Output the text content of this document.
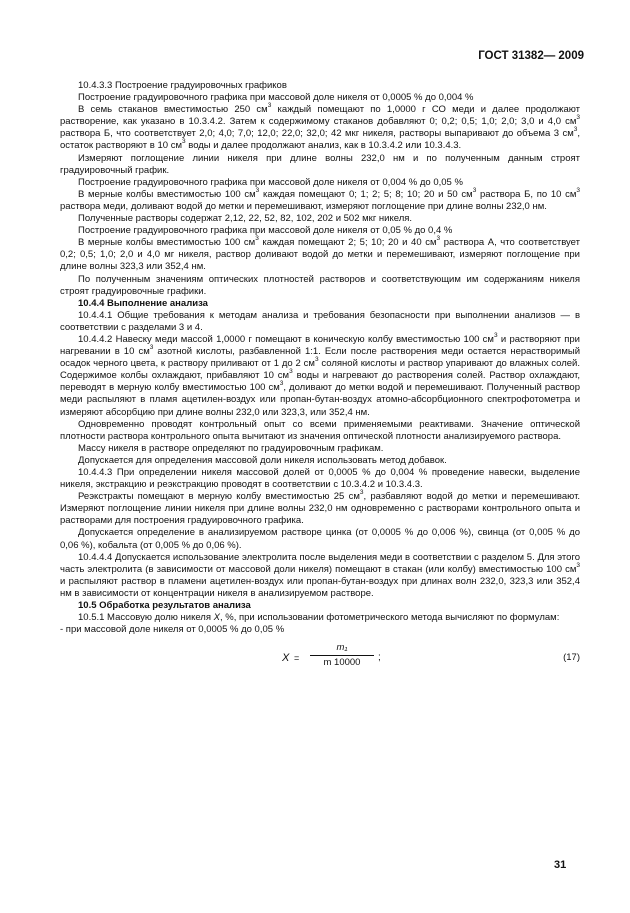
ГОСТ 31382— 2009

10.4.3.3 Построение градуировочных графиков

Построение градуировочного графика при массовой доле никеля от 0,0005 % до 0,004 %

В семь стаканов вместимостью 250 $см^3$ каждый помещают по 1,0000 г СО меди и далее продолжают растворение, как указано в 10.3.4.2. Затем к содержимому стаканов добавляют 0; 0,2; 0,5; 1,0; 2,0; 3,0 и 4,0 $см^3$ раствора Б, что соответствует 2,0; 4,0; 7,0; 12,0; 22,0; 32,0; 42 мкг никеля, растворы выпаривают до объема 3 $см^3$, остаток растворяют в 10 $см^3$ воды и далее продолжают анализ, как в 10.3.4.2 или 10.3.4.3.

Измеряют поглощение линии никеля при длине волны 232,0 нм и по полученным данным строят градуировочный график.

Построение градуировочного графика при массовой доле никеля от 0,004 % до 0,05 %

В мерные колбы вместимостью 100 $см^3$ каждая помещают 0; 1; 2; 5; 8; 10; 20 и 50 $см^3$ раствора Б, по 10 $см^3$ раствора меди, доливают водой до метки и перемешивают, измеряют поглощение при длине волны 232,0 нм.

Полученные растворы содержат 2,12, 22, 52, 82, 102, 202 и 502 мкг никеля.

Построение градуировочного графика при массовой доле никеля от 0,05 % до 0,4 %

В мерные колбы вместимостью 100 $см^3$ каждая помещают 2; 5; 10; 20 и 40 $см^3$ раствора А, что соответствует 0,2; 0,5; 1,0; 2,0 и 4,0 мг никеля, раствор доливают водой до метки и перемешивают, измеряют поглощение при длине волны 323,3 или 352,4 нм.

По полученным значениям оптических плотностей растворов и соответствующим им содержаниям никеля строят градуировочные графики.

10.4.4 Выполнение анализа

10.4.4.1 Общие требования к методам анализа и требования безопасности при выполнении анализов — в соответствии с разделами 3 и 4.

10.4.4.2 Навеску меди массой 1,0000 г помещают в коническую колбу вместимостью 100 $см^3$ и растворяют при нагревании в 10 $см^3$ азотной кислоты, разбавленной 1:1. Если после растворения меди остается нерастворимый осадок черного цвета, к раствору приливают от 1 до 2 $см^3$ соляной кислоты и раствор упаривают до влажных солей. Содержимое колбы охлаждают, прибавляют 10 $см^3$ воды и нагревают до растворения солей. Раствор охлаждают, переводят в мерную колбу вместимостью 100 $см^3$, доливают до метки водой и перемешивают. Полученный раствор меди распыляют в пламя ацетилен-воздух или пропан-бутан-воздух атомно-абсорбционного спектрофотометра и измеряют абсорбцию при длине волны 232,0 или 323,3, или 352,4 нм.

Одновременно проводят контрольный опыт со всеми применяемыми реактивами. Значение оптической плотности раствора контрольного опыта вычитают из значения оптической плотности анализируемого раствора.

Массу никеля в растворе определяют по градуировочным графикам.

Допускается для определения массовой доли никеля использовать метод добавок.

10.4.4.3 При определении никеля массовой долей от 0,0005 % до 0,004 % проведение навески, выделение никеля, экстракцию и реэкстракцию проводят в соответствии с 10.3.4.2 и 10.3.4.3.

Реэкстракты помещают в мерную колбу вместимостью 25 $см^3$, разбавляют водой до метки и перемешивают. Измеряют поглощение линии никеля при длине волны 232,0 нм одновременно с растворами контрольного опыта и растворами для построения градуировочного графика.

Допускается определение в анализируемом растворе цинка (от 0,0005 % до 0,006 %), свинца (от 0,005 % до 0,06 %), кобальта (от 0,005 % до 0,06 %).

10.4.4.4 Допускается использование электролита после выделения меди в соответствии с разделом 5. Для этого часть электролита (в зависимости от массовой доли никеля) помещают в стакан (или колбу) вместимостью 100 $см^3$ и распыляют раствор в пламени ацетилен-воздух или пропан-бутан-воздух при длинах волн 232,0, 323,3 или 352,4 нм в зависимости от концентрации никеля в анализируемом растворе.

10.5 Обработка результатов анализа

10.5.1 Массовую долю никеля X, %, при использовании фотометрического метода вычисляют по формулам:

- при массовой доле никеля от 0,0005 % до 0,05 %

$X = \frac{\text{m₁}}{m 10000}$ ;	(17)
31
